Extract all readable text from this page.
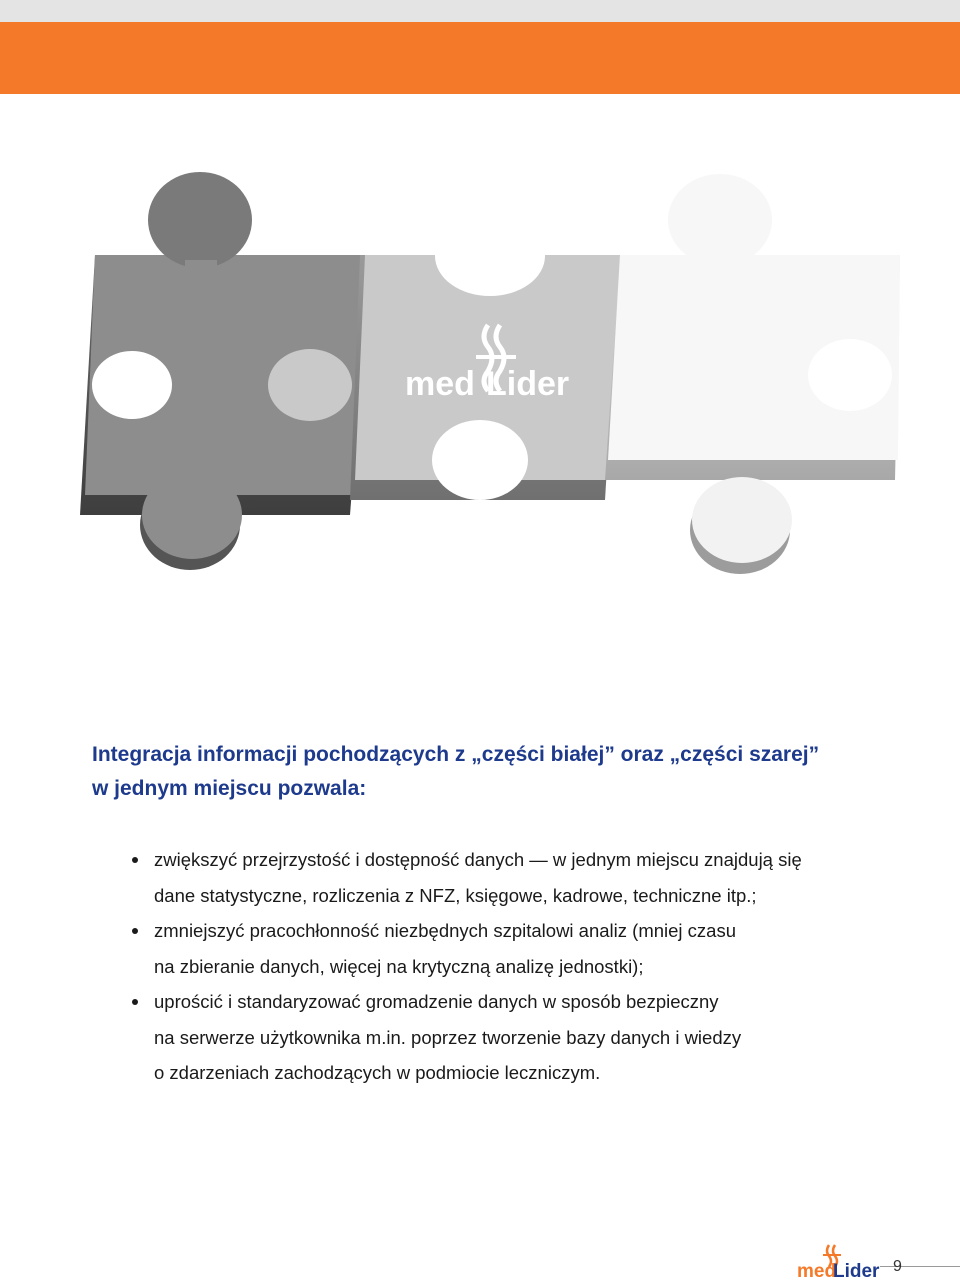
med Lider
Integracja informacji pochodzących z „części białej” oraz „części szarej”
w jednym miejscu pozwala:
zwiększyć przejrzystość i dostępność danych — w jednym miejscu znajdują się
dane statystyczne, rozliczenia z NFZ, księgowe, kadrowe, techniczne itp.;
zmniejszyć pracochłonność niezbędnych szpitalowi analiz (mniej czasu
na zbieranie danych, więcej na krytyczną analizę jednostki);
uprościć i standaryzować gromadzenie danych w sposób bezpieczny
na serwerze użytkownika m.in. poprzez tworzenie bazy danych i wiedzy
o zdarzeniach zachodzących w podmiocie leczniczym.
med
Lider 9
